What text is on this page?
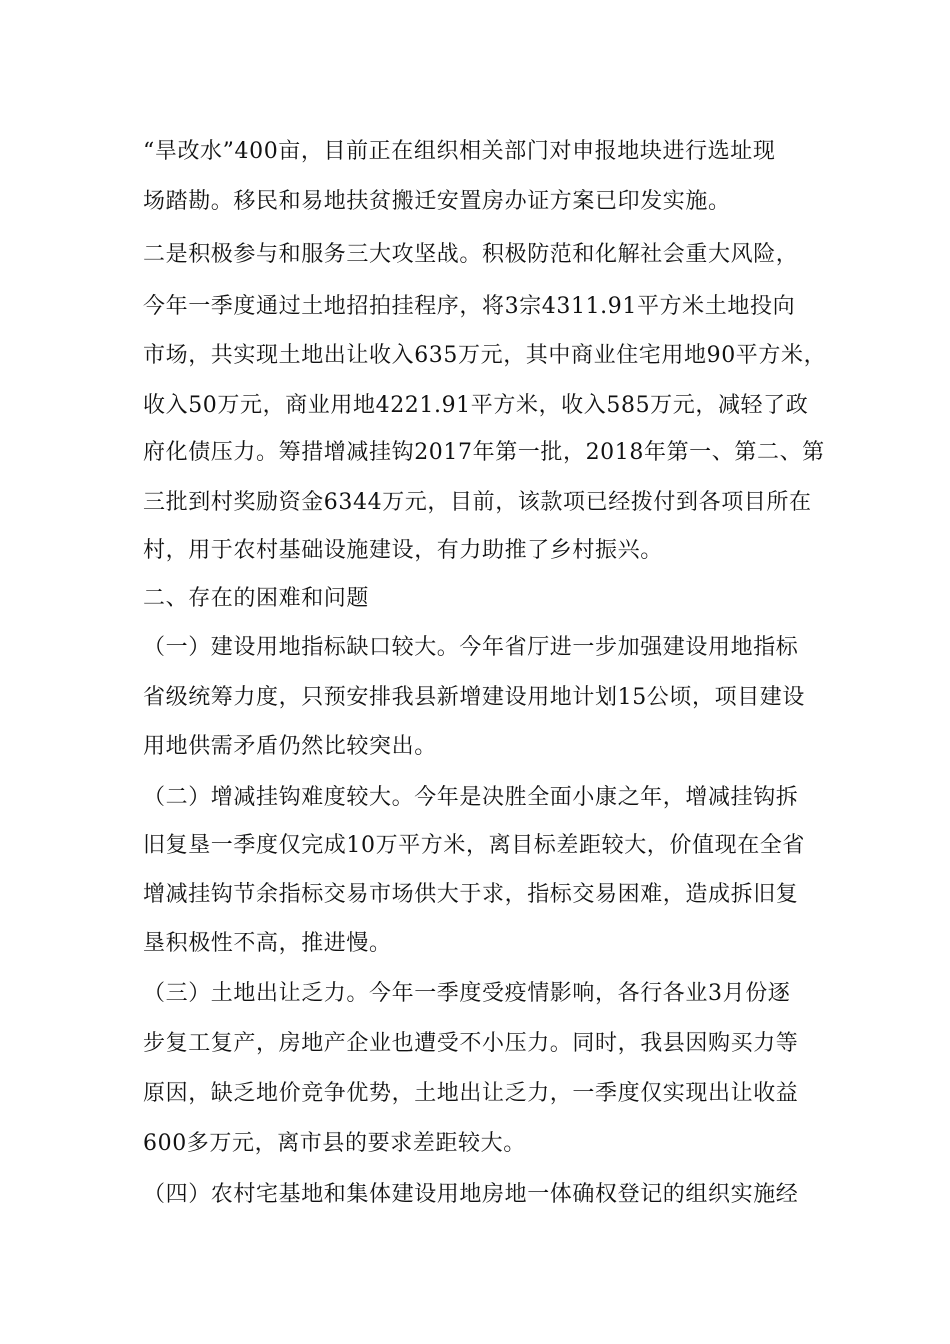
“旱改水”400亩，目前正在组织相关部门对申报地块进行选址现
场踏勘。移民和易地扶贫搬迁安置房办证方案已印发实施。
二是积极参与和服务三大攻坚战。积极防范和化解社会重大风险，
今年一季度通过土地招拍挂程序，将3宗4311.91平方米土地投向
市场，共实现土地出让收入635万元，其中商业住宅用地90平方米，
收入50万元，商业用地4221.91平方米，收入585万元，减轻了政
府化债压力。筹措增减挂钩2017年第一批，2018年第一、第二、第
三批到村奖励资金6344万元，目前，该款项已经拨付到各项目所在
村，用于农村基础设施建设，有力助推了乡村振兴。
二、存在的困难和问题
（一）建设用地指标缺口较大。今年省厅进一步加强建设用地指标
省级统筹力度，只预安排我县新增建设用地计划15公顷，项目建设
用地供需矛盾仍然比较突出。
（二）增减挂钩难度较大。今年是决胜全面小康之年，增减挂钩拆
旧复垦一季度仅完成10万平方米，离目标差距较大，价值现在全省
增减挂钩节余指标交易市场供大于求，指标交易困难，造成拆旧复
垦积极性不高，推进慢。
（三）土地出让乏力。今年一季度受疫情影响，各行各业3月份逐
步复工复产，房地产企业也遭受不小压力。同时，我县因购买力等
原因，缺乏地价竞争优势，土地出让乏力，一季度仅实现出让收益
600多万元，离市县的要求差距较大。
（四）农村宅基地和集体建设用地房地一体确权登记的组织实施经
